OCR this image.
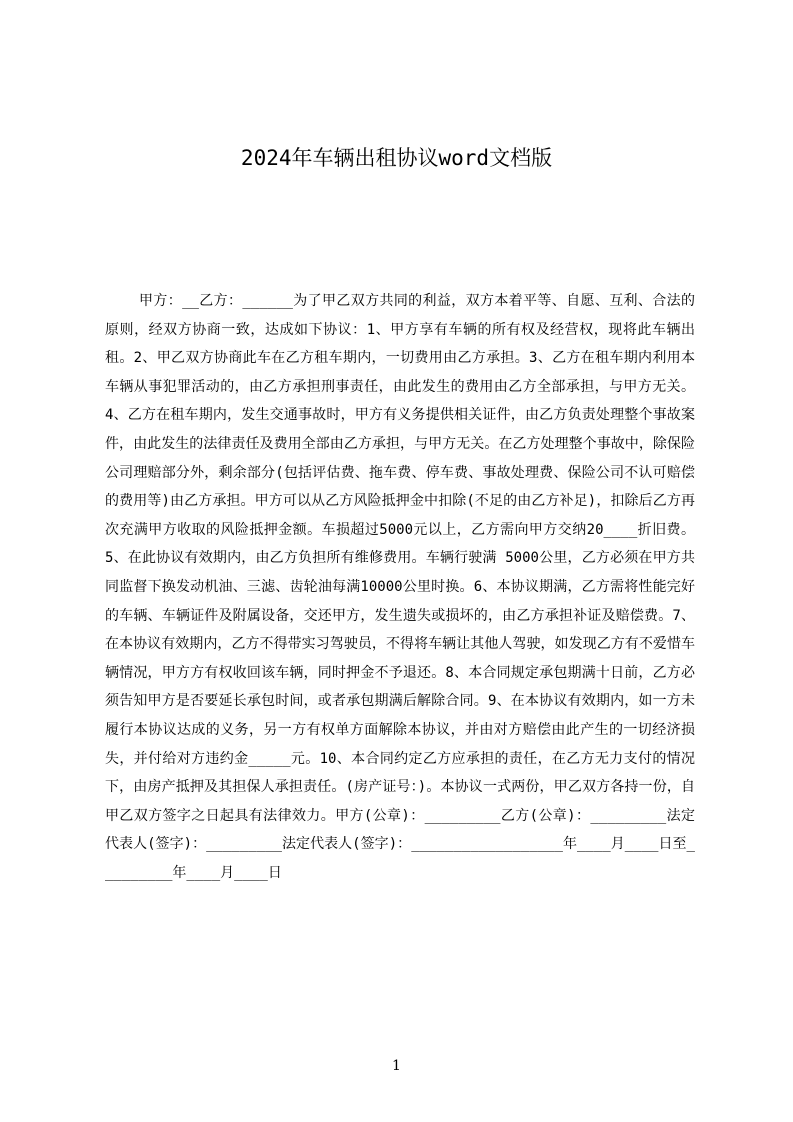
2024年车辆出租协议word文档版

甲方：__乙方：______为了甲乙双方共同的利益，双方本着平等、自愿、互利、合法的原则，经双方协商一致，达成如下协议：1、甲方享有车辆的所有权及经营权，现将此车辆出租。2、甲乙双方协商此车在乙方租车期内，一切费用由乙方承担。3、乙方在租车期内利用本车辆从事犯罪活动的，由乙方承担刑事责任，由此发生的费用由乙方全部承担，与甲方无关。4、乙方在租车期内，发生交通事故时，甲方有义务提供相关证件，由乙方负责处理整个事故案件，由此发生的法律责任及费用全部由乙方承担，与甲方无关。在乙方处理整个事故中，除保险公司理赔部分外，剩余部分(包括评估费、拖车费、停车费、事故处理费、保险公司不认可赔偿的费用等)由乙方承担。甲方可以从乙方风险抵押金中扣除(不足的由乙方补足)，扣除后乙方再次充满甲方收取的风险抵押金额。车损超过5000元以上，乙方需向甲方交纳20____折旧费。5、在此协议有效期内，由乙方负担所有维修费用。车辆行驶满 5000公里，乙方必须在甲方共同监督下换发动机油、三滤、齿轮油每满10000公里时换。6、本协议期满，乙方需将性能完好的车辆、车辆证件及附属设备，交还甲方，发生遗失或损坏的，由乙方承担补证及赔偿费。7、在本协议有效期内，乙方不得带实习驾驶员，不得将车辆让其他人驾驶，如发现乙方有不爱惜车辆情况，甲方方有权收回该车辆，同时押金不予退还。8、本合同规定承包期满十日前，乙方必须告知甲方是否要延长承包时间，或者承包期满后解除合同。9、在本协议有效期内，如一方未履行本协议达成的义务，另一方有权单方面解除本协议，并由对方赔偿由此产生的一切经济损失，并付给对方违约金_____元。10、本合同约定乙方应承担的责任，在乙方无力支付的情况下，由房产抵押及其担保人承担责任。(房产证号：)。本协议一式两份，甲乙双方各持一份，自甲乙双方签字之日起具有法律效力。甲方(公章)：_________乙方(公章)：_________法定代表人(签字)：_________法定代表人(签字)：__________________年____月____日至_________年____月____日

1
